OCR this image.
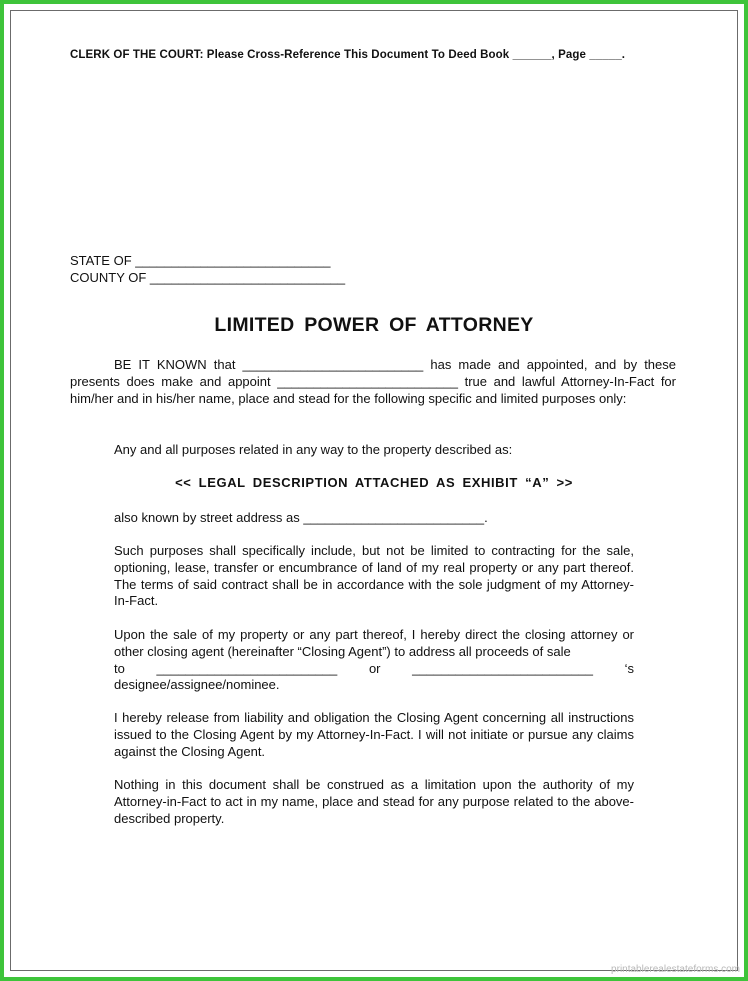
CLERK OF THE COURT: Please Cross-Reference This Document To Deed Book ______, Page _____.
STATE OF ___________________________
COUNTY OF ___________________________
LIMITED POWER OF ATTORNEY
BE IT KNOWN that _________________________ has made and appointed, and by these presents does make and appoint _________________________ true and lawful Attorney-In-Fact for him/her and in his/her name, place and stead for the following specific and limited purposes only:
Any and all purposes related in any way to the property described as:
<< LEGAL DESCRIPTION ATTACHED AS EXHIBIT “A” >>
also known by street address as _________________________.
Such purposes shall specifically include, but not be limited to contracting for the sale, optioning, lease, transfer or encumbrance of land of my real property or any part thereof. The terms of said contract shall be in accordance with the sole judgment of my Attorney-In-Fact.
Upon the sale of my property or any part thereof, I hereby direct the closing attorney or other closing agent (hereinafter “Closing Agent”) to address all proceeds of sale
to _________________________ or _________________________ ‘s
designee/assignee/nominee.
I hereby release from liability and obligation the Closing Agent concerning all instructions issued to the Closing Agent by my Attorney-In-Fact. I will not initiate or pursue any claims against the Closing Agent.
Nothing in this document shall be construed as a limitation upon the authority of my Attorney-in-Fact to act in my name, place and stead for any purpose related to the above-described property.
printablerealestateforms.com
